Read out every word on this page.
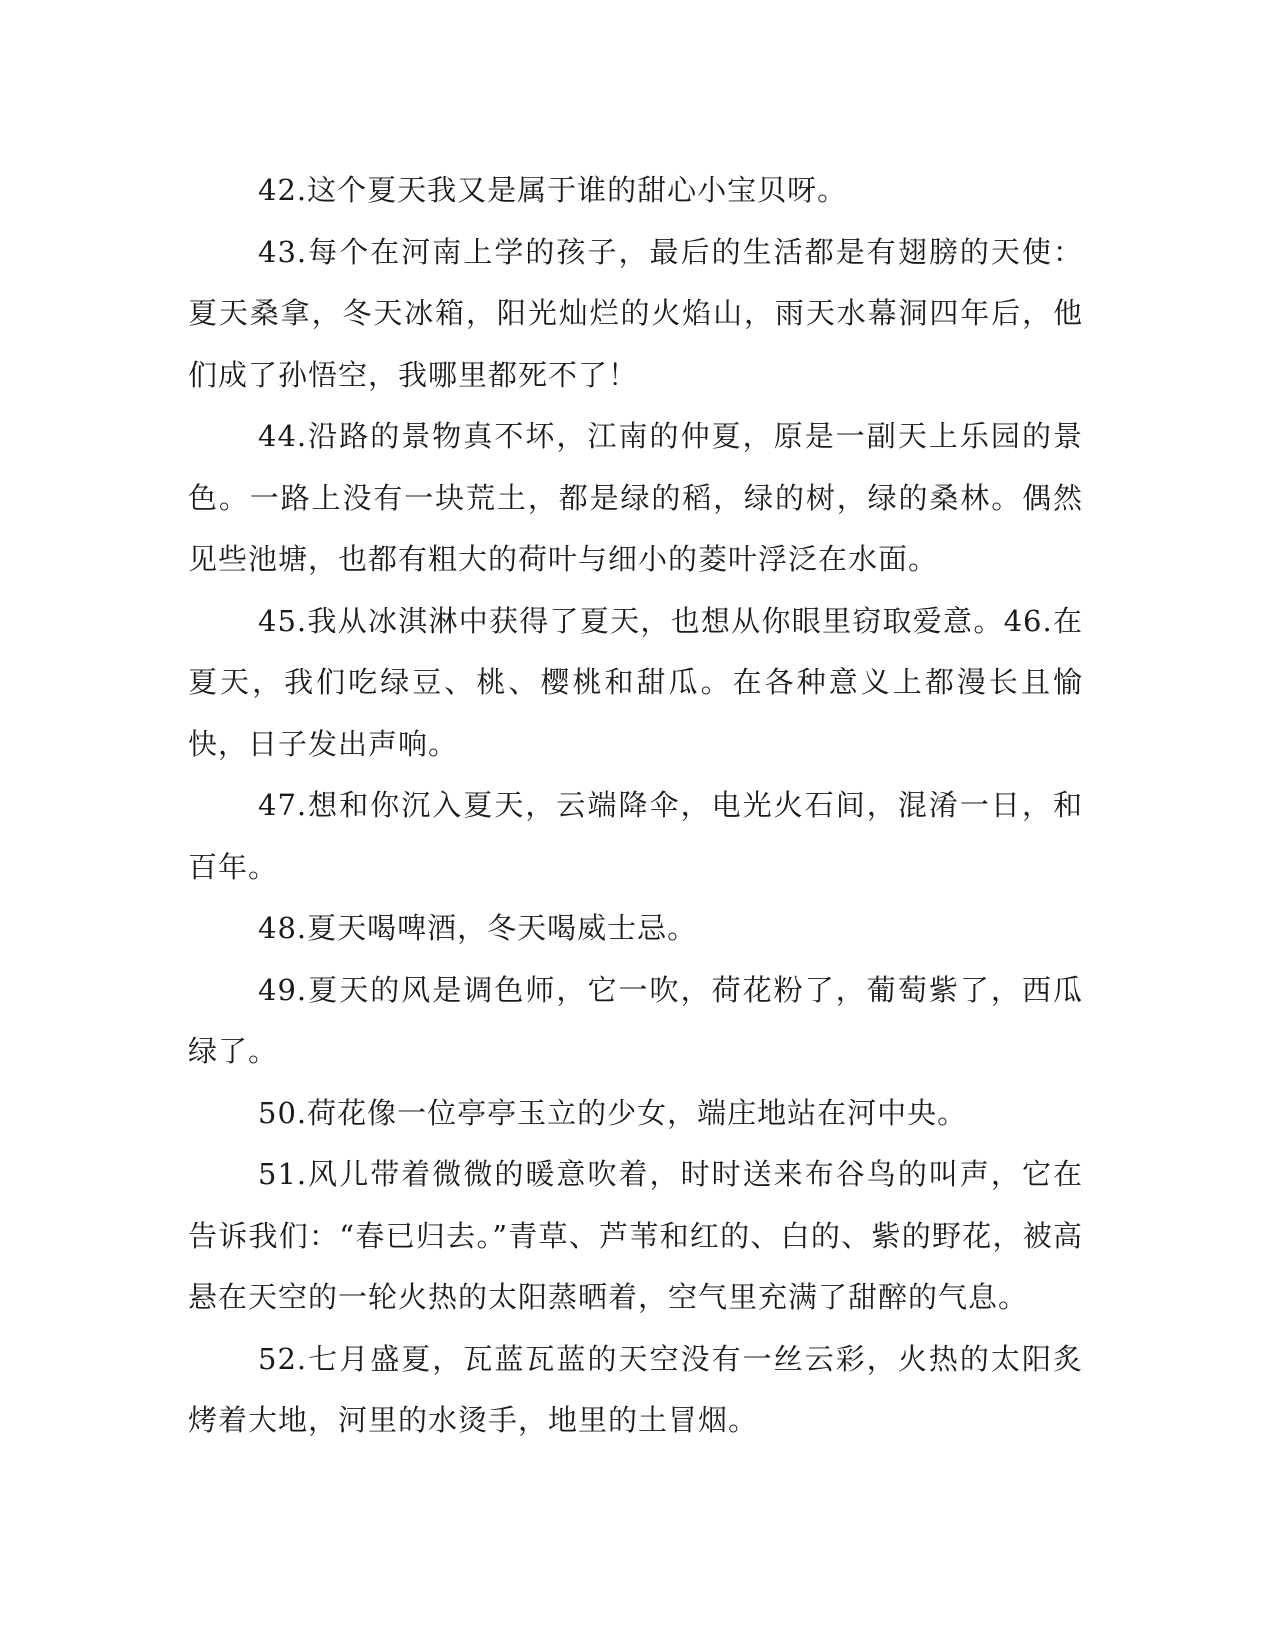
42.这个夏天我又是属于谁的甜心小宝贝呀。

43.每个在河南上学的孩子，最后的生活都是有翅膀的天使：夏天桑拿，冬天冰箱，阳光灿烂的火焰山，雨天水幕洞四年后，他们成了孙悟空，我哪里都死不了！

44.沿路的景物真不坏，江南的仲夏，原是一副天上乐园的景色。一路上没有一块荒土，都是绿的稻，绿的树，绿的桑林。偶然见些池塘，也都有粗大的荷叶与细小的菱叶浮泛在水面。

45.我从冰淇淋中获得了夏天，也想从你眼里窃取爱意。46.在夏天，我们吃绿豆、桃、樱桃和甜瓜。在各种意义上都漫长且愉快，日子发出声响。

47.想和你沉入夏天，云端降伞，电光火石间，混淆一日，和百年。

48.夏天喝啤酒，冬天喝威士忌。

49.夏天的风是调色师，它一吹，荷花粉了，葡萄紫了，西瓜绿了。

50.荷花像一位亭亭玉立的少女，端庄地站在河中央。

51.风儿带着微微的暖意吹着，时时送来布谷鸟的叫声，它在告诉我们：“春已归去。”青草、芦苇和红的、白的、紫的野花，被高悬在天空的一轮火热的太阳蒸晒着，空气里充满了甜醉的气息。

52.七月盛夏，瓦蓝瓦蓝的天空没有一丝云彩，火热的太阳炙烤着大地，河里的水烫手，地里的土冒烟。
